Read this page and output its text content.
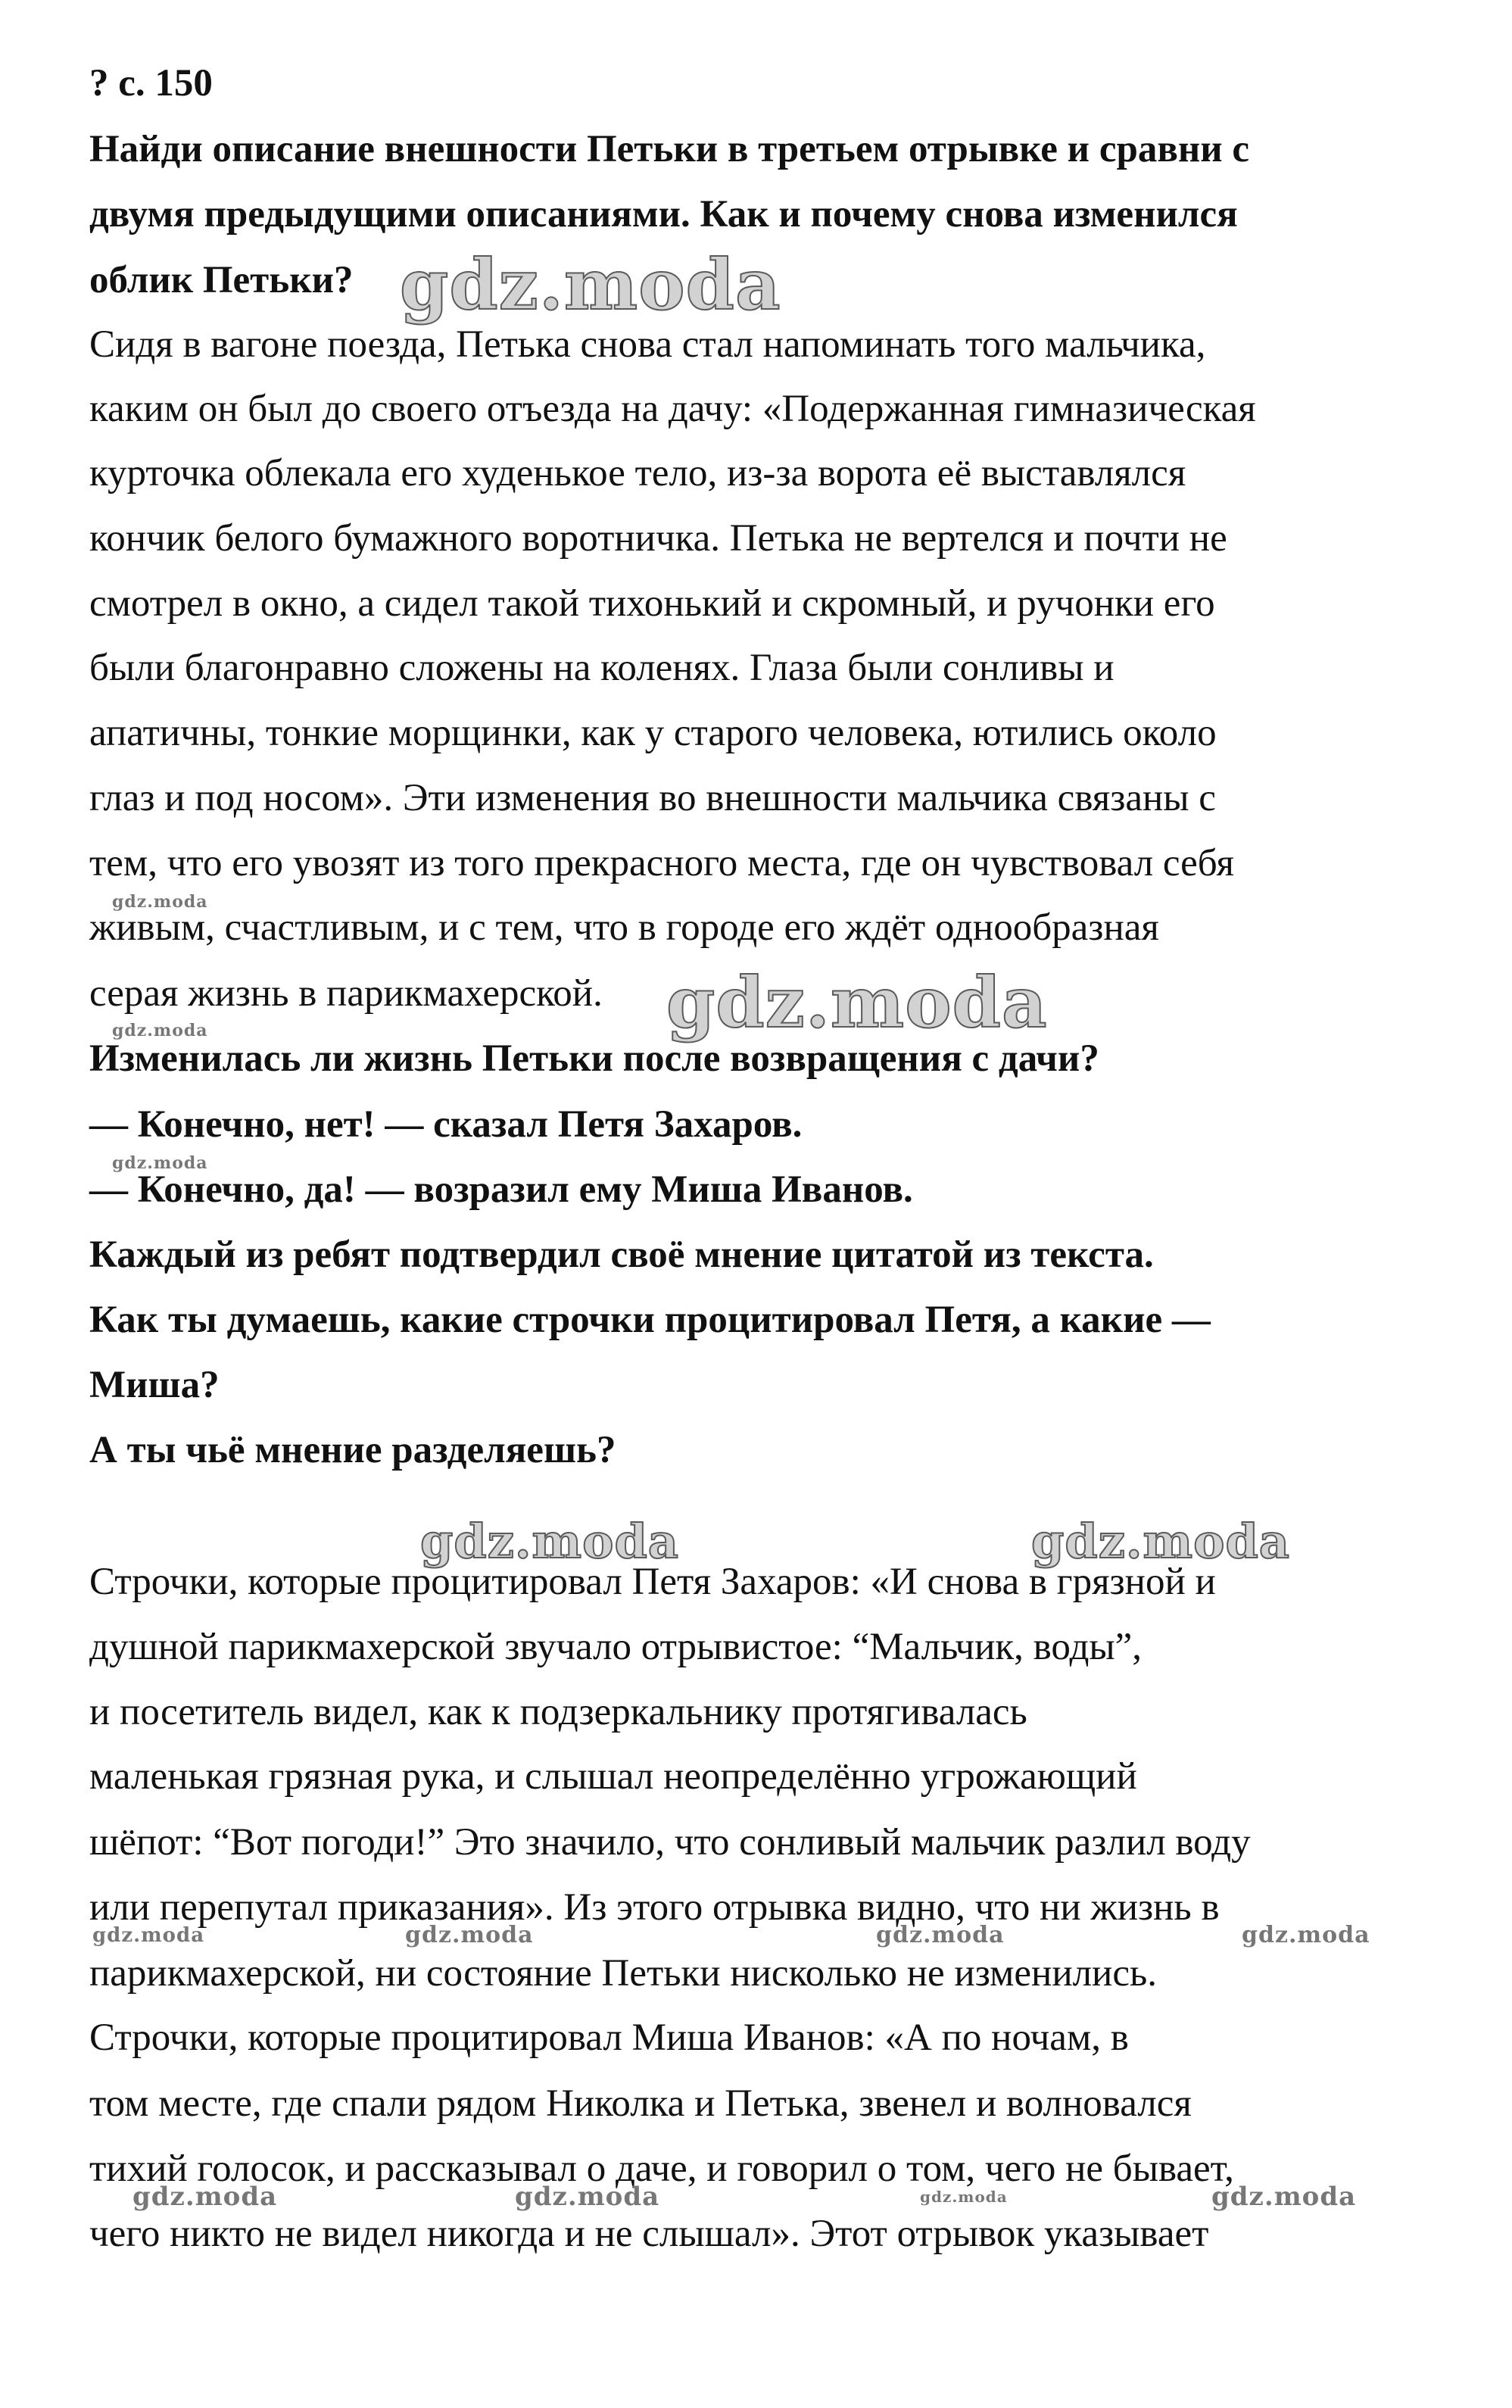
? с. 150
Найди описание внешности Петьки в третьем отрывке и сравни с
двумя предыдущими описаниями. Как и почему снова изменился
облик Петьки?
Сидя в вагоне поезда, Петька снова стал напоминать того мальчика,
каким он был до своего отъезда на дачу: «Подержанная гимназическая
курточка облекала его худенькое тело, из-за ворота её выставлялся
кончик белого бумажного воротничка. Петька не вертелся и почти не
смотрел в окно, а сидел такой тихонький и скромный, и ручонки его
были благонравно сложены на коленях. Глаза были сонливы и
апатичны, тонкие морщинки, как у старого человека, ютились около
глаз и под носом». Эти изменения во внешности мальчика связаны с
тем, что его увозят из того прекрасного места, где он чувствовал себя
живым, счастливым, и с тем, что в городе его ждёт однообразная
серая жизнь в парикмахерской.
Изменилась ли жизнь Петьки после возвращения с дачи?
— Конечно, нет! — сказал Петя Захаров.
— Конечно, да! — возразил ему Миша Иванов.
Каждый из ребят подтвердил своё мнение цитатой из текста.
Как ты думаешь, какие строчки процитировал Петя, а какие —
Миша?
А ты чьё мнение разделяешь?
Строчки, которые процитировал Петя Захаров: «И снова в грязной и
душной парикмахерской звучало отрывистое: “Мальчик, воды”,
и посетитель видел, как к подзеркальнику протягивалась
маленькая грязная рука, и слышал неопределённо угрожающий
шёпот: “Вот погоди!” Это значило, что сонливый мальчик разлил воду
или перепутал приказания». Из этого отрывка видно, что ни жизнь в
парикмахерской, ни состояние Петьки нисколько не изменились.
Строчки, которые процитировал Миша Иванов: «А по ночам, в
том месте, где спали рядом Николка и Петька, звенел и волновался
тихий голосок, и рассказывал о даче, и говорил о том, чего не бывает,
чего никто не видел никогда и не слышал». Этот отрывок указывает
gdz.moda
gdz.moda
gdz.moda
gdz.moda
gdz.moda
gdz.moda	gdz.moda
gdz.moda	gdz.moda	gdz.moda	gdz.moda
gdz.moda	gdz.moda	gdz.moda	gdz.moda
